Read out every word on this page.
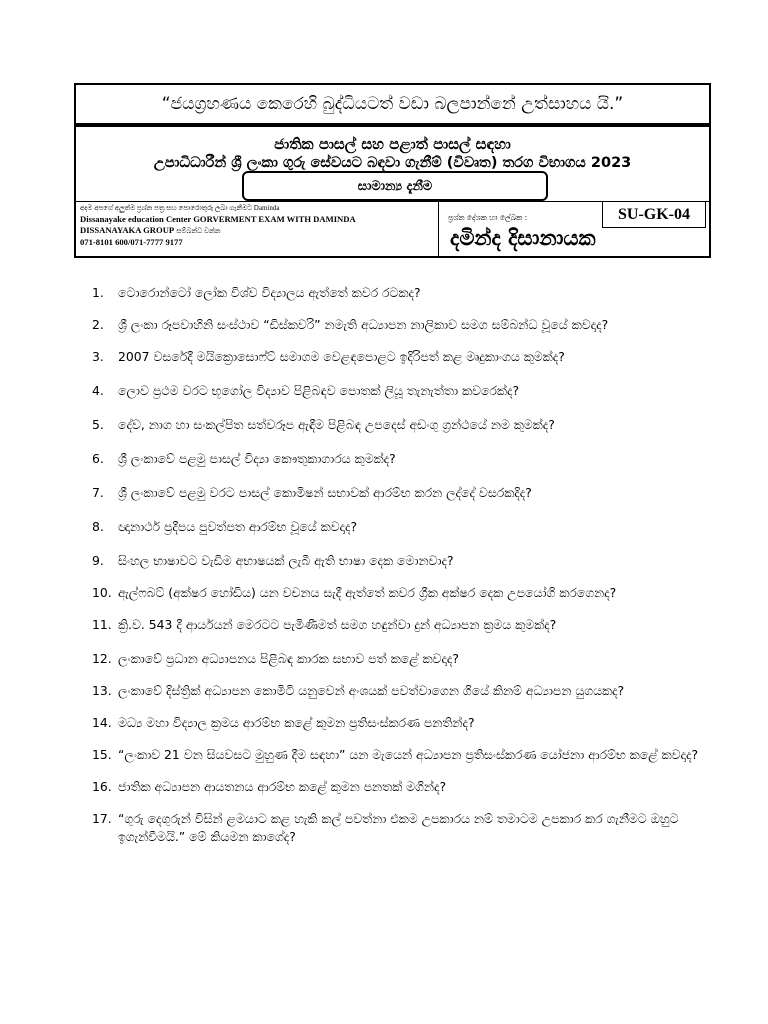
“ජයග්‍රහණය කෙරෙහි බුද්ධියටත් වඩා බලපාන්නේ උත්සාහය යි.”
ජාතික පාසල් සහ පළාත් පාසල් සඳහා
උපාධිධාරීන් ශ්‍රී ලංකා ගුරු සේවයට බඳවා ගැනීම් (විවෘත) තරග විභාගය 2023
සාමාන්‍ය දැනීම
අදම අපගේ අලුත්ම ප්‍රශ්න පත්‍ර සහ පොරොතුරු ලබා ගැනීමට Daminda
Dissanayake education Center GORVERMENT EXAM WITH DAMINDA
DISSANAYAKA GROUP සම්බන්ධ වන්න
071-8101 600/071-7777 9177
ප්‍රශ්න දේශක හා ලේඛක :	SU-GK-04
දමින්ද දිසානායක
1.	ටොරොන්ටෝ ලෝක විශ්ව විද්‍යාලය ඇත්තේ කවර රටකද?
2.	ශ්‍රී ලංකා රූපවාහිනි සංස්ථාව “ඩිස්කවරි” නමැති අධ්‍යාපන නාලිකාව සමග සම්බන්ධ වූයේ කවදාද?
3.	2007 වසරේදී මයික්‍රොසොෆ්ට් සමාගම වෙළඳපොළට ඉදිරිපත් කළ මෘදුකාංගය කුමක්ද?
4.	ලොව ප්‍රථම වරට භූගෝල විද්‍යාව පිළිබඳව පොතක් ලියූ තැනැත්තා කවරෙක්ද?
5.	දේව, නාග හා සංකල්පිත සත්වරූප ඇඳීම පිළිබඳ උපදෙස් අඩංගු ග්‍රන්ථයේ නම කුමක්ද?
6.	ශ්‍රී ලංකාවේ පළමු පාසල් විද්‍යා කෞතුකාගාරය කුමක්ද?
7.	ශ්‍රී ලංකාවේ පළමු වරට පාසල් කොමිෂන් සභාවක් ආරම්භ කරන ලද්දේ වසරකදිද?
8.	ඥානාර්ථ ප්‍රදීපය පුවත්පත ආරම්භ වූයේ කවදාද?
9.	සිංහල භාෂාවට වැඩිම අභාෂයක් ලැබී ඇති භාෂා දෙක මොනවාද?
10. ඇල්ෆබට් (අක්ෂර හෝඩිය) යන වචනය සැදී ඇත්තේ කවර ග්‍රීක අක්ෂර දෙක උපයෝගි කරගෙනද?
11. ක්‍රි.ව. 543 දී ආර්යයන් මෙරටට පැමිණීමත් සමග හඳුන්වා දුන් අධ්‍යාපන ක්‍රමය කුමක්ද?
12. ලංකාවේ ප්‍රධාන අධ්‍යාපනය පිළිබඳ කාරක සභාව පත් කළේ කවදාද?
13. ලංකාවේ දිස්ත්‍රික් අධ්‍යාපන කොමිටි යනුවෙන් අංශයක් පවත්වාගෙන ගියේ කිනම් අධ්‍යාපන යුගයකද?
14. මධ්‍ය මහා විද්‍යාල ක්‍රමය ආරම්භ කළේ කුමන ප්‍රතිසංස්කරණ පනතින්ද?
15. “ලංකාව 21 වන සියවසට මුහුණ දීම සඳහා” යන මැයෙන් අධ්‍යාපන ප්‍රතිසංස්කරණ යෝජනා ආරම්භ කළේ කවදාද?
16. ජාතික අධ්‍යාපන ආයතනය ආරම්භ කළේ කුමන පනතක් මගින්ද?
17. “ගුරු දෙගුරුන් විසින් ළමයාට කළ හැකි කල් පවත්නා එකම උපකාරය නම් තමාටම උපකාර කර ගැනීමට ඔහුට ඉගැන්වීමයි.” මේ කියමන කාගේද?
